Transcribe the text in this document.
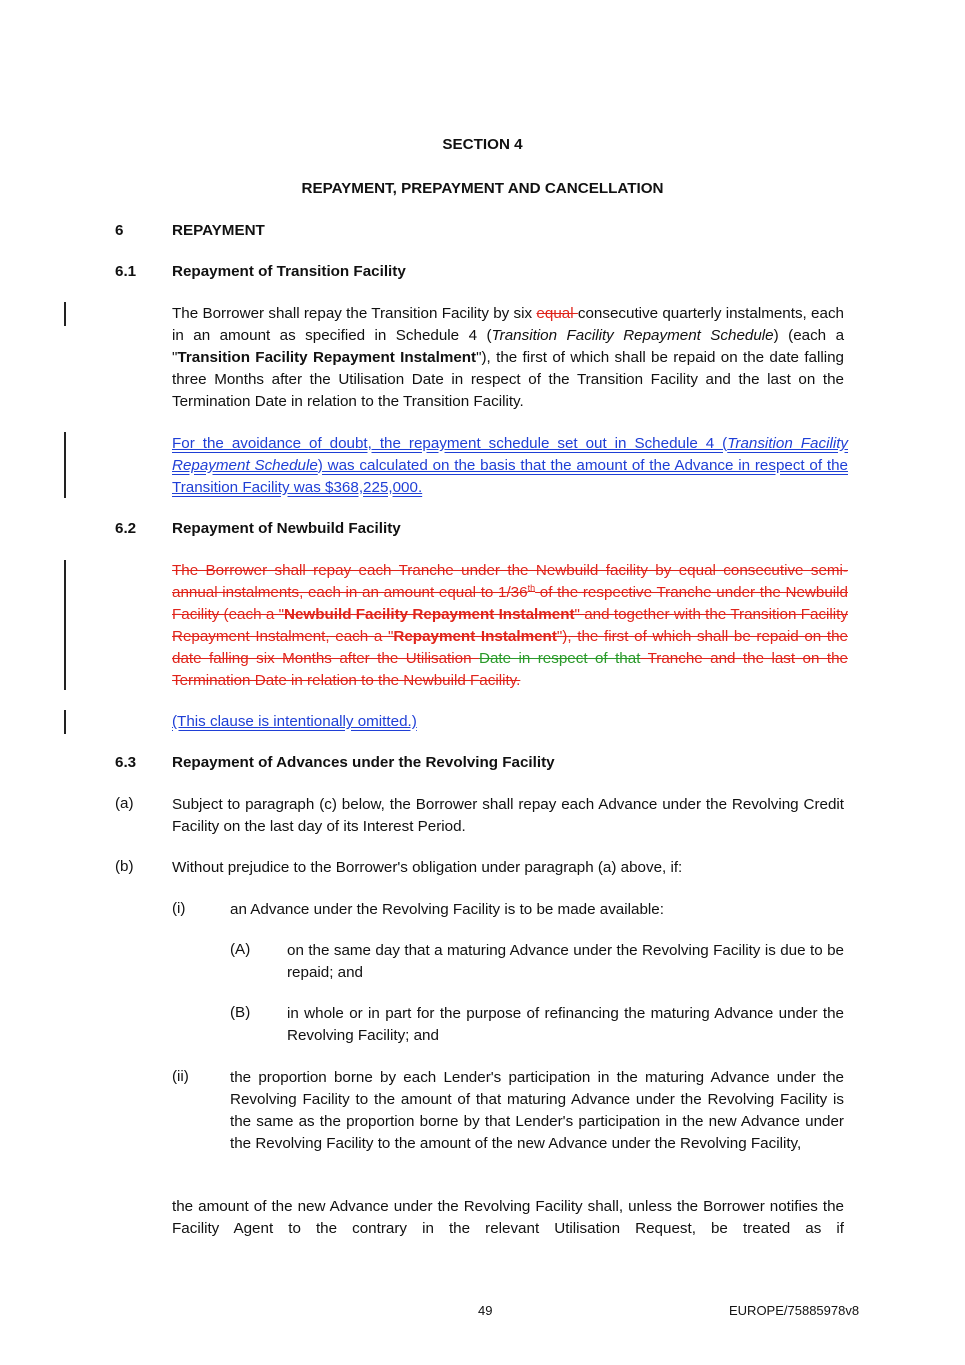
SECTION 4
REPAYMENT, PREPAYMENT AND CANCELLATION
6	REPAYMENT
6.1 Repayment of Transition Facility
The Borrower shall repay the Transition Facility by six equal consecutive quarterly instalments, each in an amount as specified in Schedule 4 (Transition Facility Repayment Schedule) (each a "Transition Facility Repayment Instalment"), the first of which shall be repaid on the date falling three Months after the Utilisation Date in respect of the Transition Facility and the last on the Termination Date in relation to the Transition Facility.
For the avoidance of doubt, the repayment schedule set out in Schedule 4 (Transition Facility Repayment Schedule) was calculated on the basis that the amount of the Advance in respect of the Transition Facility was $368,225,000.
6.2 Repayment of Newbuild Facility
The Borrower shall repay each Tranche under the Newbuild facility by equal consecutive semi-annual instalments, each in an amount equal to 1/36th of the respective Tranche under the Newbuild Facility (each a "Newbuild Facility Repayment Instalment" and together with the Transition Facility Repayment Instalment, each a "Repayment Instalment"), the first of which shall be repaid on the date falling six Months after the Utilisation Date in respect of that Tranche and the last on the Termination Date in relation to the Newbuild Facility.
(This clause is intentionally omitted.)
6.3 Repayment of Advances under the Revolving Facility
(a)	Subject to paragraph (c) below, the Borrower shall repay each Advance under the Revolving Credit Facility on the last day of its Interest Period.
(b)	Without prejudice to the Borrower's obligation under paragraph (a) above, if:
(i)	an Advance under the Revolving Facility is to be made available:
(A) on the same day that a maturing Advance under the Revolving Facility is due to be repaid; and
(B) in whole or in part for the purpose of refinancing the maturing Advance under the Revolving Facility; and
(ii)	the proportion borne by each Lender's participation in the maturing Advance under the Revolving Facility to the amount of that maturing Advance under the Revolving Facility is the same as the proportion borne by that Lender's participation in the new Advance under the Revolving Facility to the amount of the new Advance under the Revolving Facility,
the amount of the new Advance under the Revolving Facility shall, unless the Borrower notifies the Facility Agent to the contrary in the relevant Utilisation Request, be treated as if
49	EUROPE/75885978v8
